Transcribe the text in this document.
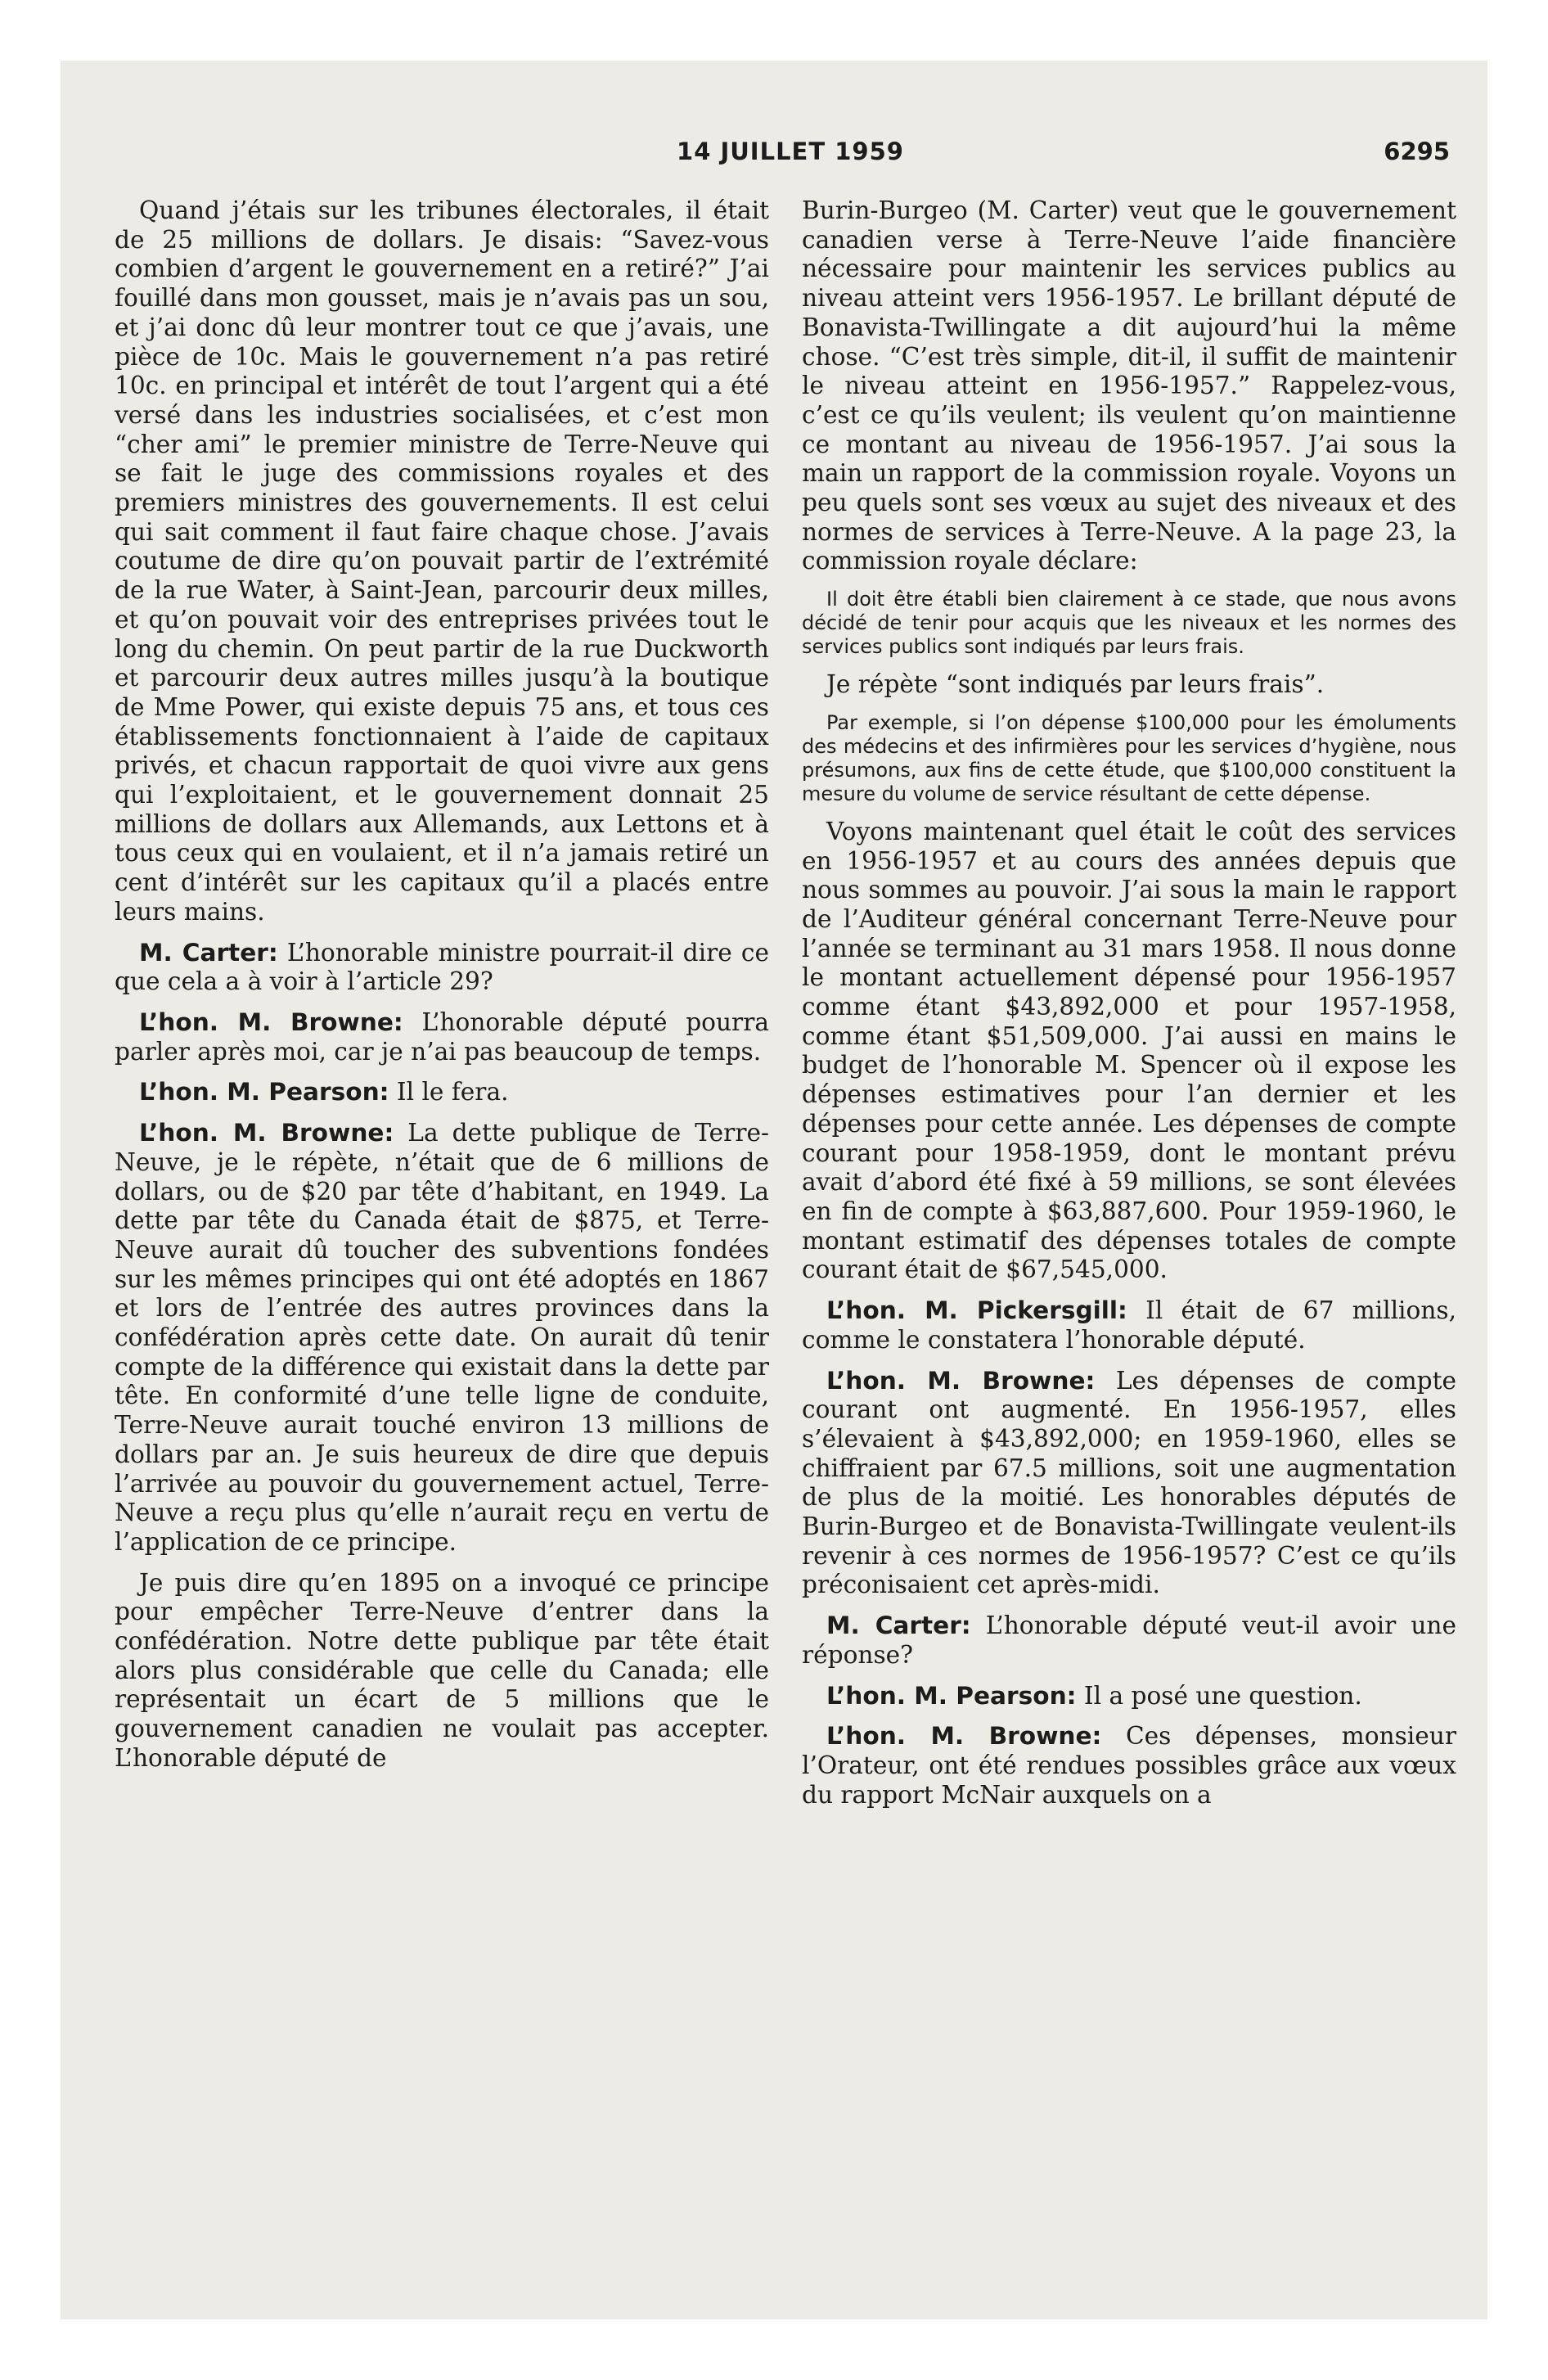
14 JUILLET 1959	6295

Quand j’étais sur les tribunes électorales, il était de 25 millions de dollars. Je disais: “Savez-vous combien d’argent le gouvernement en a retiré?” J’ai fouillé dans mon gousset, mais je n’avais pas un sou, et j’ai donc dû leur montrer tout ce que j’avais, une pièce de 10c. Mais le gouvernement n’a pas retiré 10c. en principal et intérêt de tout l’argent qui a été versé dans les industries socialisées, et c’est mon “cher ami” le premier ministre de Terre-Neuve qui se fait le juge des commissions royales et des premiers ministres des gouvernements. Il est celui qui sait comment il faut faire chaque chose. J’avais coutume de dire qu’on pouvait partir de l’extrémité de la rue Water, à Saint-Jean, parcourir deux milles, et qu’on pouvait voir des entreprises privées tout le long du chemin. On peut partir de la rue Duckworth et parcourir deux autres milles jusqu’à la boutique de Mme Power, qui existe depuis 75 ans, et tous ces établissements fonctionnaient à l’aide de capitaux privés, et chacun rapportait de quoi vivre aux gens qui l’exploitaient, et le gouvernement donnait 25 millions de dollars aux Allemands, aux Lettons et à tous ceux qui en voulaient, et il n’a jamais retiré un cent d’intérêt sur les capitaux qu’il a placés entre leurs mains.

M. Carter: L’honorable ministre pourrait-il dire ce que cela a à voir à l’article 29?

L’hon. M. Browne: L’honorable député pourra parler après moi, car je n’ai pas beaucoup de temps.

L’hon. M. Pearson: Il le fera.

L’hon. M. Browne: La dette publique de Terre-Neuve, je le répète, n’était que de 6 millions de dollars, ou de $20 par tête d’habitant, en 1949. La dette par tête du Canada était de $875, et Terre-Neuve aurait dû toucher des subventions fondées sur les mêmes principes qui ont été adoptés en 1867 et lors de l’entrée des autres provinces dans la confédération après cette date. On aurait dû tenir compte de la différence qui existait dans la dette par tête. En conformité d’une telle ligne de conduite, Terre-Neuve aurait touché environ 13 millions de dollars par an. Je suis heureux de dire que depuis l’arrivée au pouvoir du gouvernement actuel, Terre-Neuve a reçu plus qu’elle n’aurait reçu en vertu de l’application de ce principe.

Je puis dire qu’en 1895 on a invoqué ce principe pour empêcher Terre-Neuve d’entrer dans la confédération. Notre dette publique par tête était alors plus considérable que celle du Canada; elle représentait un écart de 5 millions que le gouvernement canadien ne voulait pas accepter. L’honorable député de

Burin-Burgeo (M. Carter) veut que le gouvernement canadien verse à Terre-Neuve l’aide financière nécessaire pour maintenir les services publics au niveau atteint vers 1956-1957. Le brillant député de Bonavista-Twillingate a dit aujourd’hui la même chose. “C’est très simple, dit-il, il suffit de maintenir le niveau atteint en 1956-1957.” Rappelez-vous, c’est ce qu’ils veulent; ils veulent qu’on maintienne ce montant au niveau de 1956-1957. J’ai sous la main un rapport de la commission royale. Voyons un peu quels sont ses vœux au sujet des niveaux et des normes de services à Terre-Neuve. A la page 23, la commission royale déclare:

Il doit être établi bien clairement à ce stade, que nous avons décidé de tenir pour acquis que les niveaux et les normes des services publics sont indiqués par leurs frais.

Je répète “sont indiqués par leurs frais”.

Par exemple, si l’on dépense $100,000 pour les émoluments des médecins et des infirmières pour les services d’hygiène, nous présumons, aux fins de cette étude, que $100,000 constituent la mesure du volume de service résultant de cette dépense.

Voyons maintenant quel était le coût des services en 1956-1957 et au cours des années depuis que nous sommes au pouvoir. J’ai sous la main le rapport de l’Auditeur général concernant Terre-Neuve pour l’année se terminant au 31 mars 1958. Il nous donne le montant actuellement dépensé pour 1956-1957 comme étant $43,892,000 et pour 1957-1958, comme étant $51,509,000. J’ai aussi en mains le budget de l’honorable M. Spencer où il expose les dépenses estimatives pour l’an dernier et les dépenses pour cette année. Les dépenses de compte courant pour 1958-1959, dont le montant prévu avait d’abord été fixé à 59 millions, se sont élevées en fin de compte à $63,887,600. Pour 1959-1960, le montant estimatif des dépenses totales de compte courant était de $67,545,000.

L’hon. M. Pickersgill: Il était de 67 millions, comme le constatera l’honorable député.

L’hon. M. Browne: Les dépenses de compte courant ont augmenté. En 1956-1957, elles s’élevaient à $43,892,000; en 1959-1960, elles se chiffraient par 67.5 millions, soit une augmentation de plus de la moitié. Les honorables députés de Burin-Burgeo et de Bonavista-Twillingate veulent-ils revenir à ces normes de 1956-1957? C’est ce qu’ils préconisaient cet après-midi.

M. Carter: L’honorable député veut-il avoir une réponse?

L’hon. M. Pearson: Il a posé une question.

L’hon. M. Browne: Ces dépenses, monsieur l’Orateur, ont été rendues possibles grâce aux vœux du rapport McNair auxquels on a
